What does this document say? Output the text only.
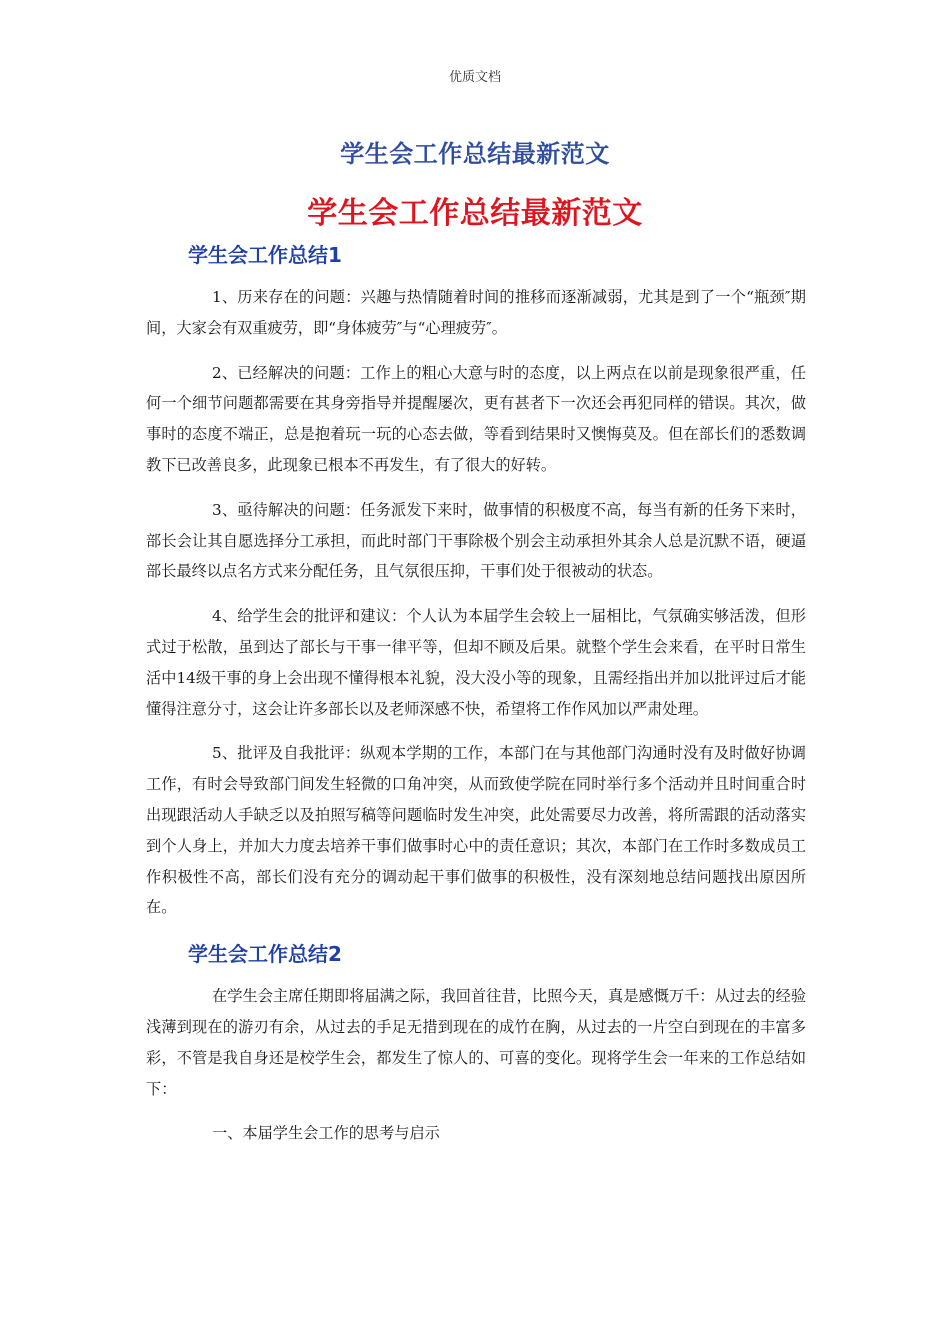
优质文档
学生会工作总结最新范文
学生会工作总结最新范文
学生会工作总结1

1、历来存在的问题：兴趣与热情随着时间的推移而逐渐减弱，尤其是到了一个“瓶颈″期间，大家会有双重疲劳，即“身体疲劳″与“心理疲劳″。

2、已经解决的问题：工作上的粗心大意与时的态度，以上两点在以前是现象很严重，任何一个细节问题都需要在其身旁指导并提醒屡次，更有甚者下一次还会再犯同样的错误。其次，做事时的态度不端正，总是抱着玩一玩的心态去做，等看到结果时又懊悔莫及。但在部长们的悉数调教下已改善良多，此现象已根本不再发生，有了很大的好转。

3、亟待解决的问题：任务派发下来时，做事情的积极度不高，每当有新的任务下来时，部长会让其自愿选择分工承担，而此时部门干事除极个别会主动承担外其余人总是沉默不语，硬逼部长最终以点名方式来分配任务，且气氛很压抑，干事们处于很被动的状态。

4、给学生会的批评和建议：个人认为本届学生会较上一届相比，气氛确实够活泼，但形式过于松散，虽到达了部长与干事一律平等，但却不顾及后果。就整个学生会来看，在平时日常生活中14级干事的身上会出现不懂得根本礼貌，没大没小等的现象，且需经指出并加以批评过后才能懂得注意分寸，这会让许多部长以及老师深感不快，希望将工作作风加以严肃处理。

5、批评及自我批评：纵观本学期的工作，本部门在与其他部门沟通时没有及时做好协调工作，有时会导致部门间发生轻微的口角冲突，从而致使学院在同时举行多个活动并且时间重合时出现跟活动人手缺乏以及拍照写稿等问题临时发生冲突，此处需要尽力改善，将所需跟的活动落实到个人身上，并加大力度去培养干事们做事时心中的责任意识；其次，本部门在工作时多数成员工作积极性不高，部长们没有充分的调动起干事们做事的积极性，没有深刻地总结问题找出原因所在。

学生会工作总结2

在学生会主席任期即将届满之际，我回首往昔，比照今天，真是感慨万千：从过去的经验浅薄到现在的游刃有余，从过去的手足无措到现在的成竹在胸，从过去的一片空白到现在的丰富多彩，不管是我自身还是校学生会，都发生了惊人的、可喜的变化。现将学生会一年来的工作总结如下：

一、本届学生会工作的思考与启示
